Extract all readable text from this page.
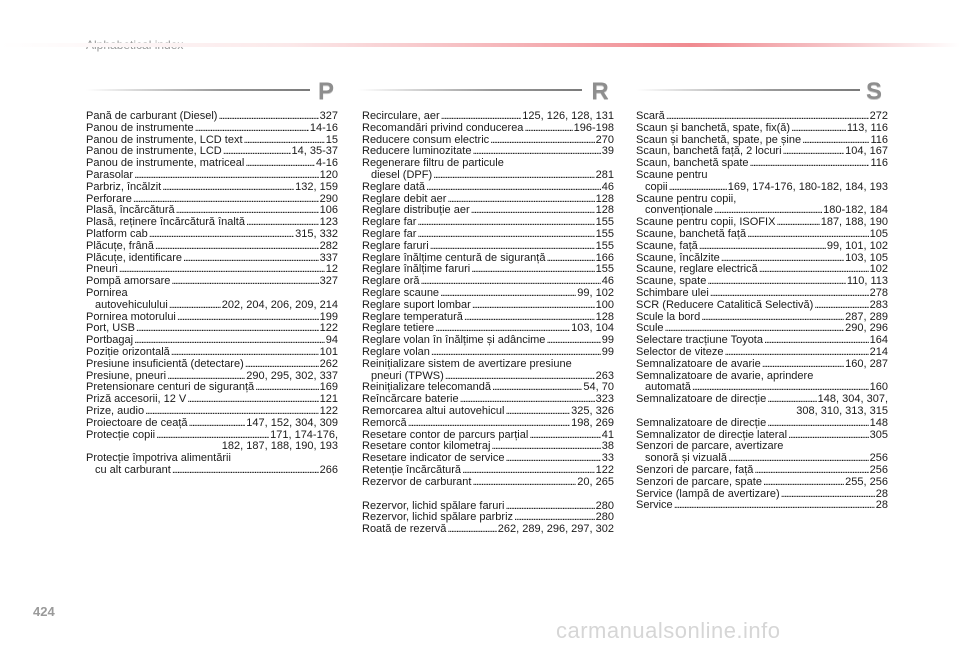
P	R	S
Pană de carburant (Diesel) . . .	327
Panou de instrumente . . .	14-16
Panou de instrumente, LCD text . . .	15
Panou de instrumente, LCD . . .	14, 35-37
Panou de instrumente, matriceal . . .	4-16
Parasolar . . .	120
Parbriz, încălzit . . .	132, 159
Perforare . . .	290
Plasă, încărcătură . . .	106
Plasă, reținere încărcătură înaltă . . .	123
Platform cab . . .	315, 332
Plăcuțe, frână . . .	282
Plăcuțe, identificare . . .	337
Pneuri . . .	12
Pompă amorsare . . .	327
Pornirea
autovehiculului . . .	202, 204, 206, 209, 214
Pornirea motorului . . .	199
Port, USB . . .	122
Portbagaj . . .	94
Poziție orizontală . . .	101
Presiune insuficientă (detectare) . . .	262
Presiune, pneuri . . .	290, 295, 302, 337
Pretensionare centuri de siguranță . . .	169
Priză accesorii, 12 V . . .	121
Prize, audio . . .	122
Proiectoare de ceață . . .	147, 152, 304, 309
Protecție copii . . .	171, 174-176,
182, 187, 188, 190, 193
Protecție împotriva alimentării
cu alt carburant . . .	266
Recirculare, aer . . .	125, 126, 128, 131
Recomandări privind conducerea . . .	196-198
Reducere consum electric . . .	270
Reducere luminozitate . . .	39
Regenerare filtru de particule
diesel (DPF) . . .	281
Reglare dată . . .	46
Reglare debit aer . . .	128
Reglare distribuție aer . . .	128
Reglare far . . .	155
Reglare far . . .	155
Reglare faruri . . .	155
Reglare înălțime centură de siguranță . . .	166
Reglare înălțime faruri . . .	155
Reglare oră . . .	46
Reglare scaune . . .	99, 102
Reglare suport lombar . . .	100
Reglare temperatură . . .	128
Reglare tetiere . . .	103, 104
Reglare volan în înălțime și adâncime . . .	99
Reglare volan . . .	99
Reinițializare sistem de avertizare presiune
pneuri (TPWS) . . .	263
Reinițializare telecomandă . . .	54, 70
Reîncărcare baterie . . .	323
Remorcarea altui autovehicul . . .	325, 326
Remorcă . . .	198, 269
Resetare contor de parcurs parțial . . .	41
Resetare contor kilometraj . . .	38
Resetare indicator de service . . .	33
Retenție încărcătură . . .	122
Rezervor de carburant . . .	20, 265
Rezervor, lichid spălare faruri . . .	280
Rezervor, lichid spălare parbriz . . .	280
Roată de rezervă . . .	262, 289, 296, 297, 302
Scară . . .	272
Scaun și banchetă, spate, fix(ă) . . .	113, 116
Scaun și banchetă, spate, pe șine . . .	116
Scaun, banchetă față, 2 locuri . . .	104, 167
Scaun, banchetă spate . . .	116
Scaune pentru
copii . . .	169, 174-176, 180-182, 184, 193
Scaune pentru copii,
convenționale . . .	180-182, 184
Scaune pentru copii, ISOFIX . . .	187, 188, 190
Scaune, banchetă față . . .	105
Scaune, față . . .	99, 101, 102
Scaune, încălzite . . .	103, 105
Scaune, reglare electrică . . .	102
Scaune, spate . . .	110, 113
Schimbare ulei . . .	278
SCR (Reducere Catalitică Selectivă) . . .	283
Scule la bord . . .	287, 289
Scule . . .	290, 296
Selectare tracțiune Toyota . . .	164
Selector de viteze . . .	214
Semnalizatoare de avarie . . .	160, 287
Semnalizatoare de avarie, aprindere
automată . . .	160
Semnalizatoare de direcție . . .	148, 304, 307,
308, 310, 313, 315
Semnalizatoare de direcție . . .	148
Semnalizator de direcție lateral . . .	305
Senzori de parcare, avertizare
sonoră și vizuală . . .	256
Senzori de parcare, față . . .	256
Senzori de parcare, spate . . .	255, 256
Service (lampă de avertizare) . . .	28
Service . . .	28
424
carmanualsonline.info
